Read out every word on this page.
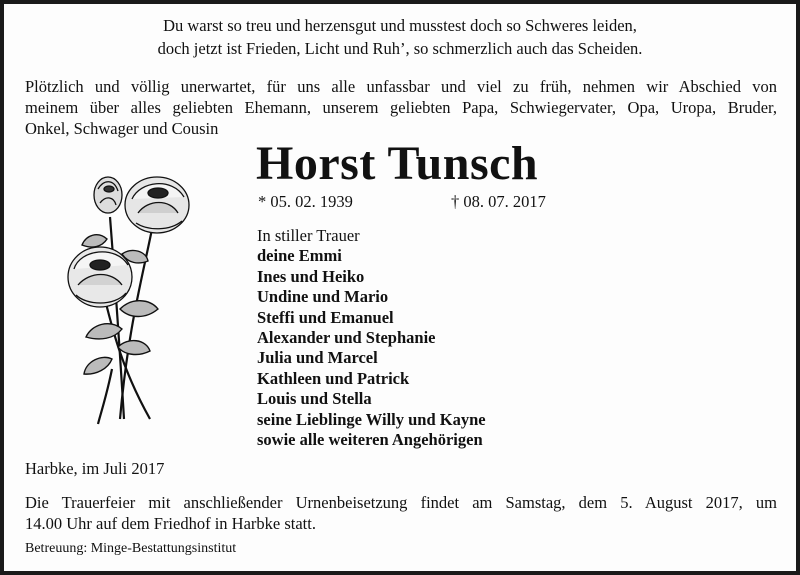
Du warst so treu und herzensgut und musstest doch so Schweres leiden,
doch jetzt ist Frieden, Licht und Ruh’, so schmerzlich auch das Scheiden.
Plötzlich und völlig unerwartet, für uns alle unfassbar und viel zu früh, nehmen wir Abschied von
meinem über alles geliebten Ehemann, unserem geliebten Papa, Schwiegervater, Opa, Uropa, Bruder,
Onkel, Schwager und Cousin
Horst Tunsch
* 05. 02. 1939	† 08. 07. 2017
In stiller Trauer
deine Emmi
Ines und Heiko
Undine und Mario
Steffi und Emanuel
Alexander und Stephanie
Julia und Marcel
Kathleen und Patrick
Louis und Stella
seine Lieblinge Willy und Kayne
sowie alle weiteren Angehörigen
Harbke, im Juli 2017
Die Trauerfeier mit anschließender Urnenbeisetzung findet am Samstag, dem 5. August 2017, um
14.00 Uhr auf dem Friedhof in Harbke statt.
Betreuung: Minge-Bestattungsinstitut
